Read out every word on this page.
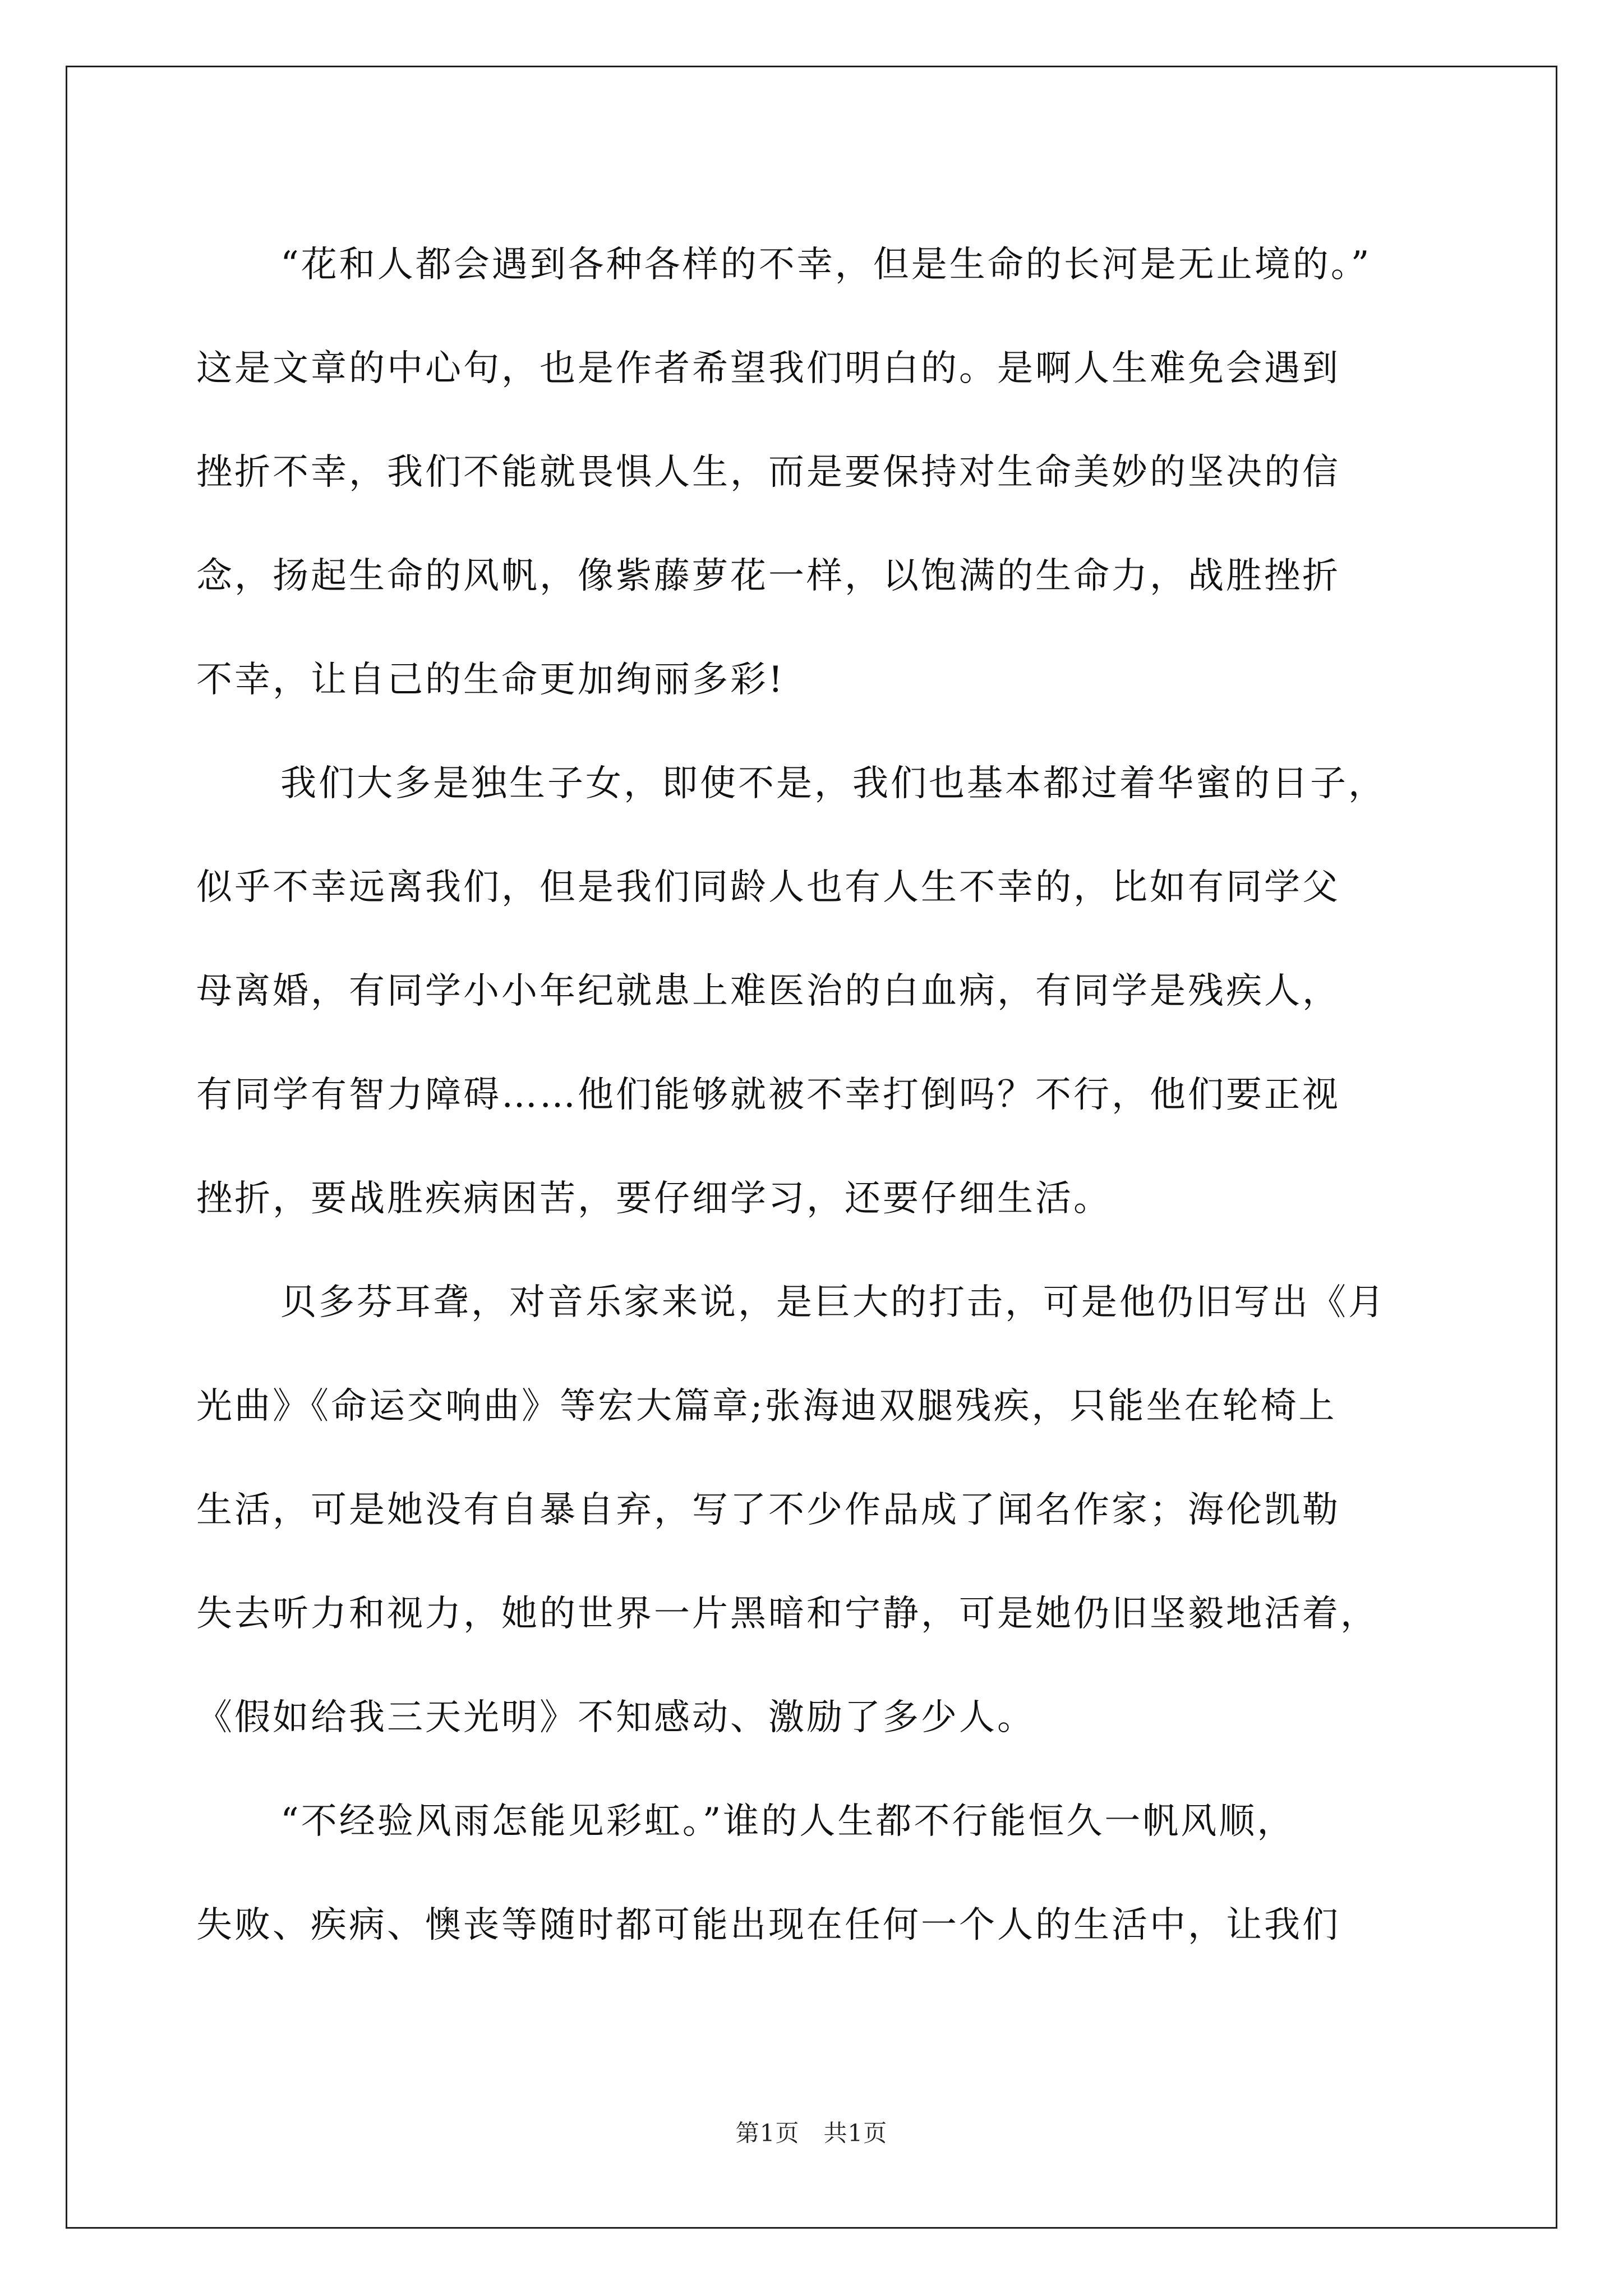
“花和人都会遇到各种各样的不幸，但是生命的长河是无止境的。”
这是文章的中心句，也是作者希望我们明白的。是啊人生难免会遇到
挫折不幸，我们不能就畏惧人生，而是要保持对生命美妙的坚决的信
念，扬起生命的风帆，像紫藤萝花一样，以饱满的生命力，战胜挫折
不幸，让自己的生命更加绚丽多彩!
我们大多是独生子女，即使不是，我们也基本都过着华蜜的日子，
似乎不幸远离我们，但是我们同龄人也有人生不幸的，比如有同学父
母离婚，有同学小小年纪就患上难医治的白血病，有同学是残疾人，
有同学有智力障碍……他们能够就被不幸打倒吗？不行，他们要正视
挫折，要战胜疾病困苦，要仔细学习，还要仔细生活。
贝多芬耳聋，对音乐家来说，是巨大的打击，可是他仍旧写出《月
光曲》《命运交响曲》等宏大篇章;张海迪双腿残疾，只能坐在轮椅上
生活，可是她没有自暴自弃，写了不少作品成了闻名作家；海伦凯勒
失去听力和视力，她的世界一片黑暗和宁静，可是她仍旧坚毅地活着，
《假如给我三天光明》不知感动、激励了多少人。
“不经验风雨怎能见彩虹。”谁的人生都不行能恒久一帆风顺，
失败、疾病、懊丧等随时都可能出现在任何一个人的生活中，让我们
第1页   共1页
